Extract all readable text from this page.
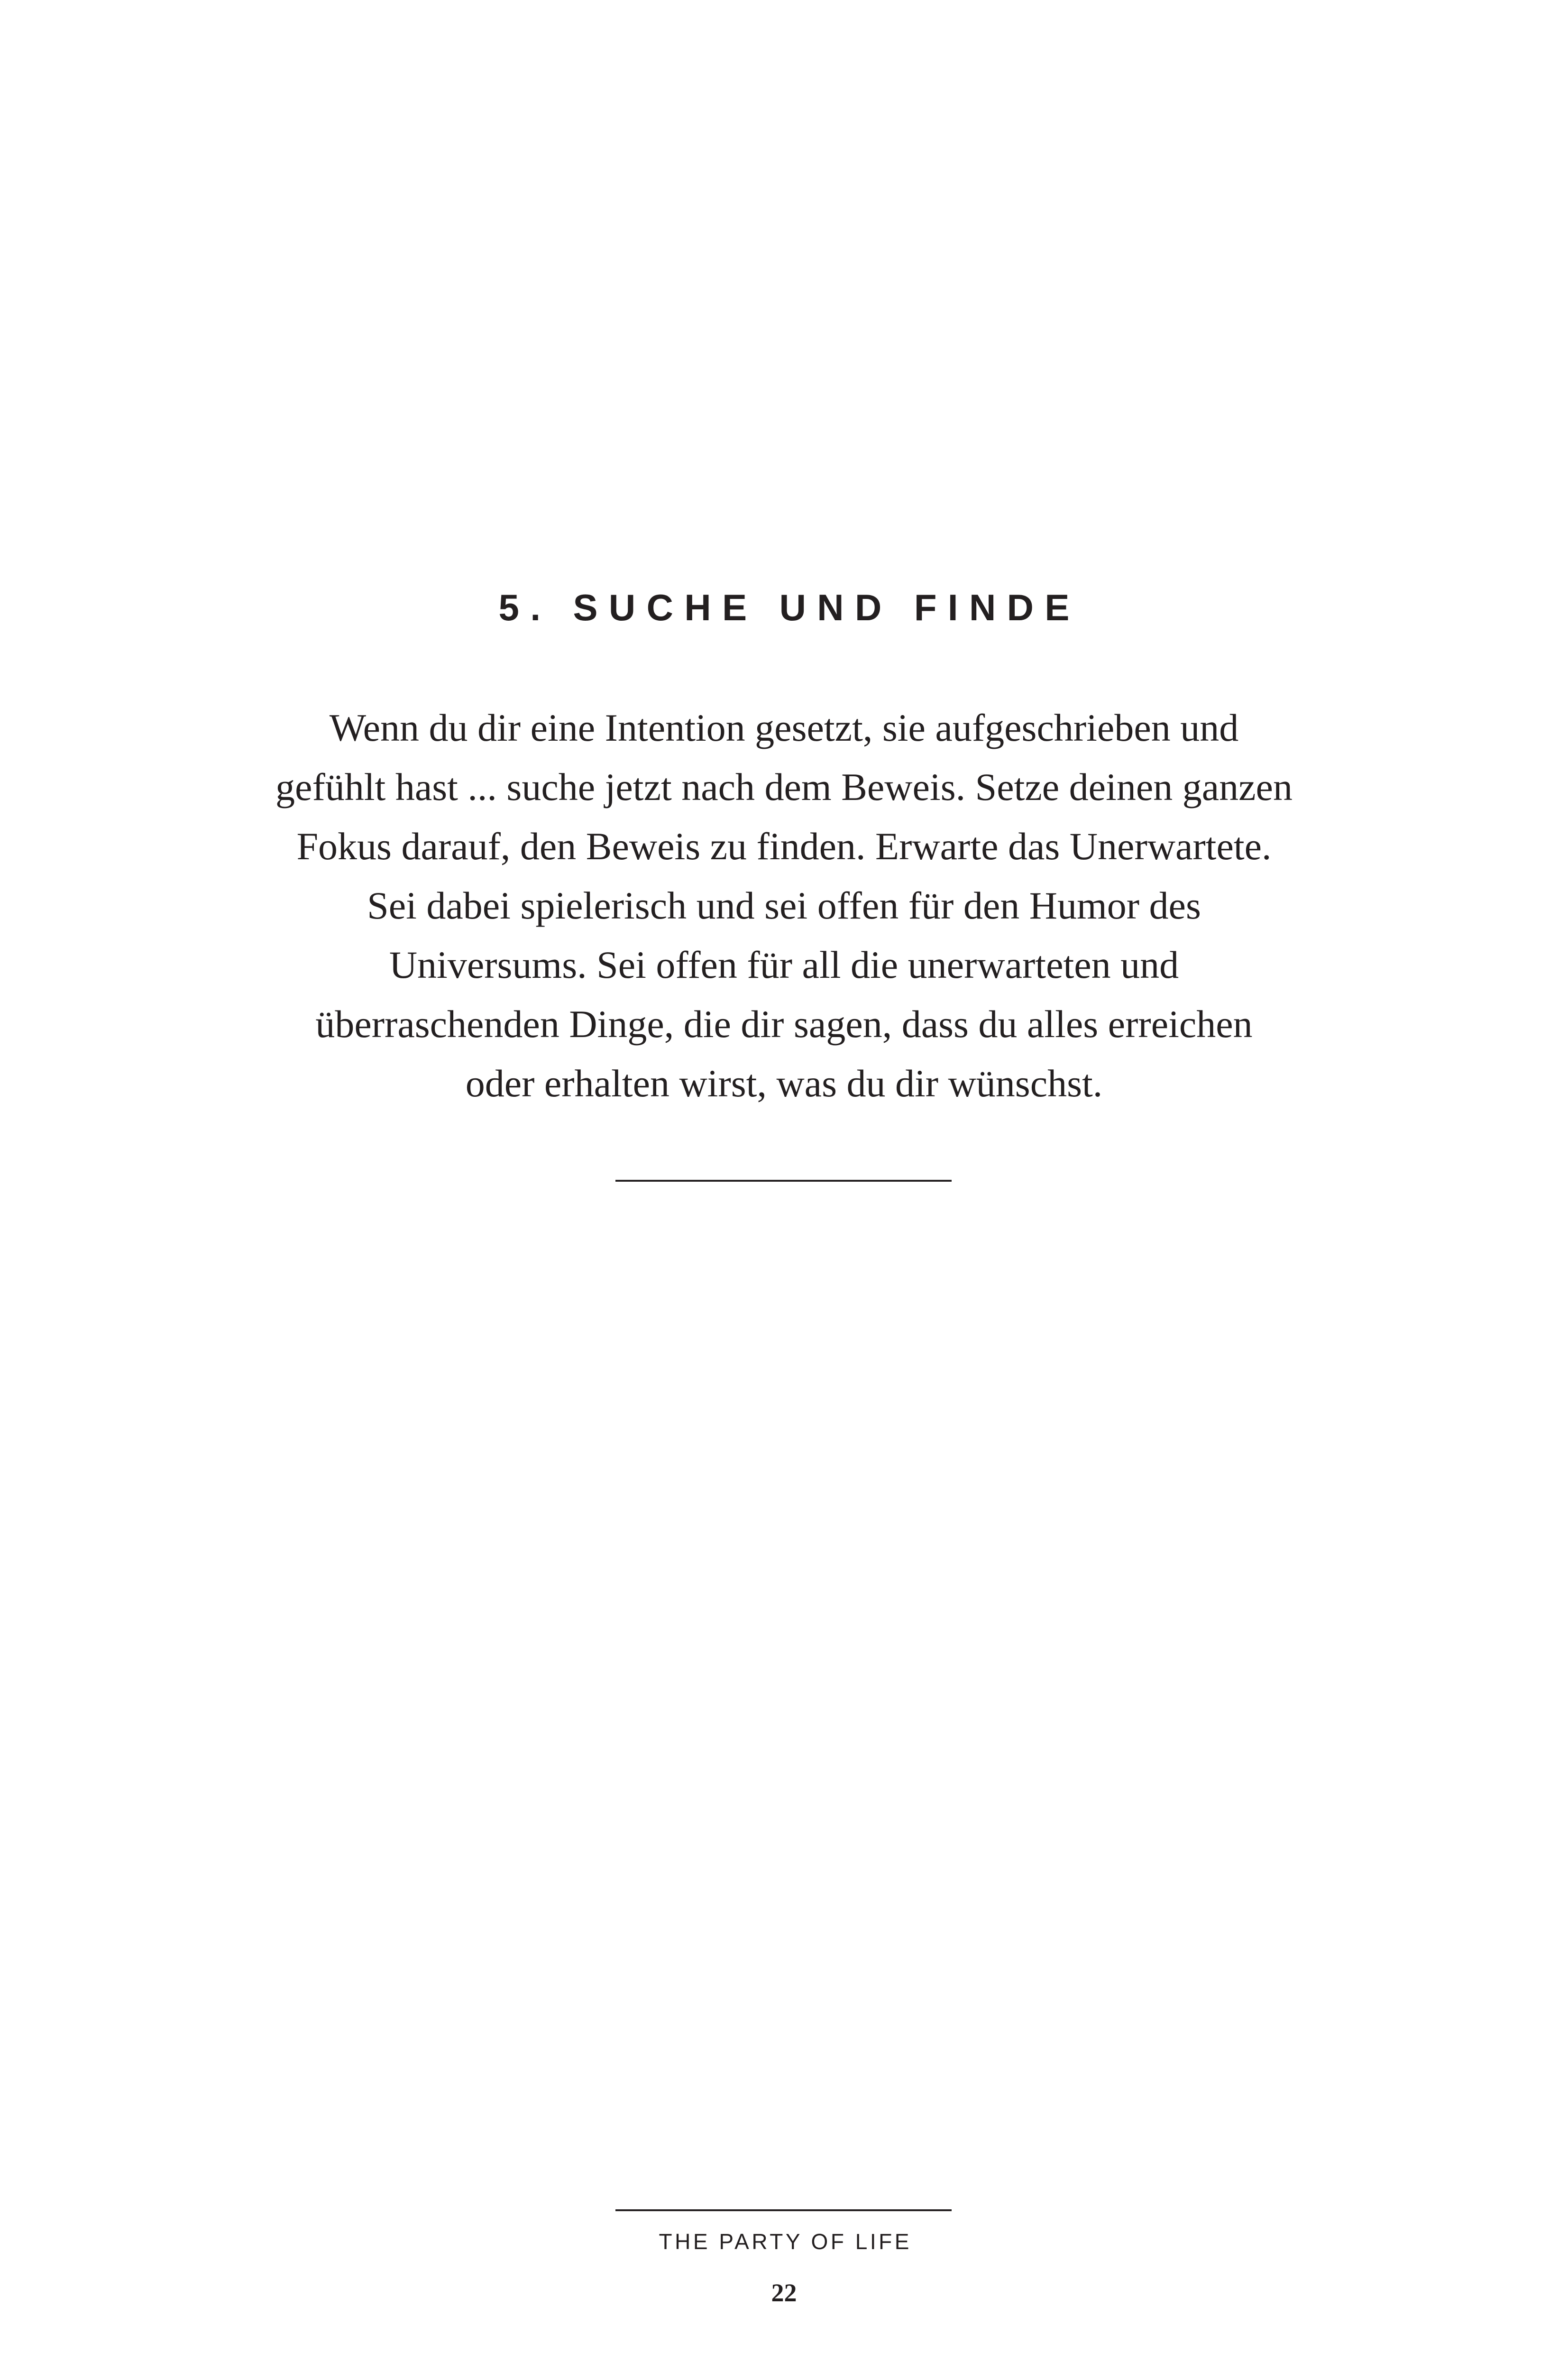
5. SUCHE UND FINDE

Wenn du dir eine Intention gesetzt, sie aufgeschrieben und
gefühlt hast ... suche jetzt nach dem Beweis. Setze deinen ganzen
Fokus darauf, den Beweis zu finden. Erwarte das Unerwartete.
Sei dabei spielerisch und sei offen für den Humor des
Universums. Sei offen für all die unerwarteten und
überraschenden Dinge, die dir sagen, dass du alles erreichen
oder erhalten wirst, was du dir wünschst.

THE PARTY OF LIFE
22
